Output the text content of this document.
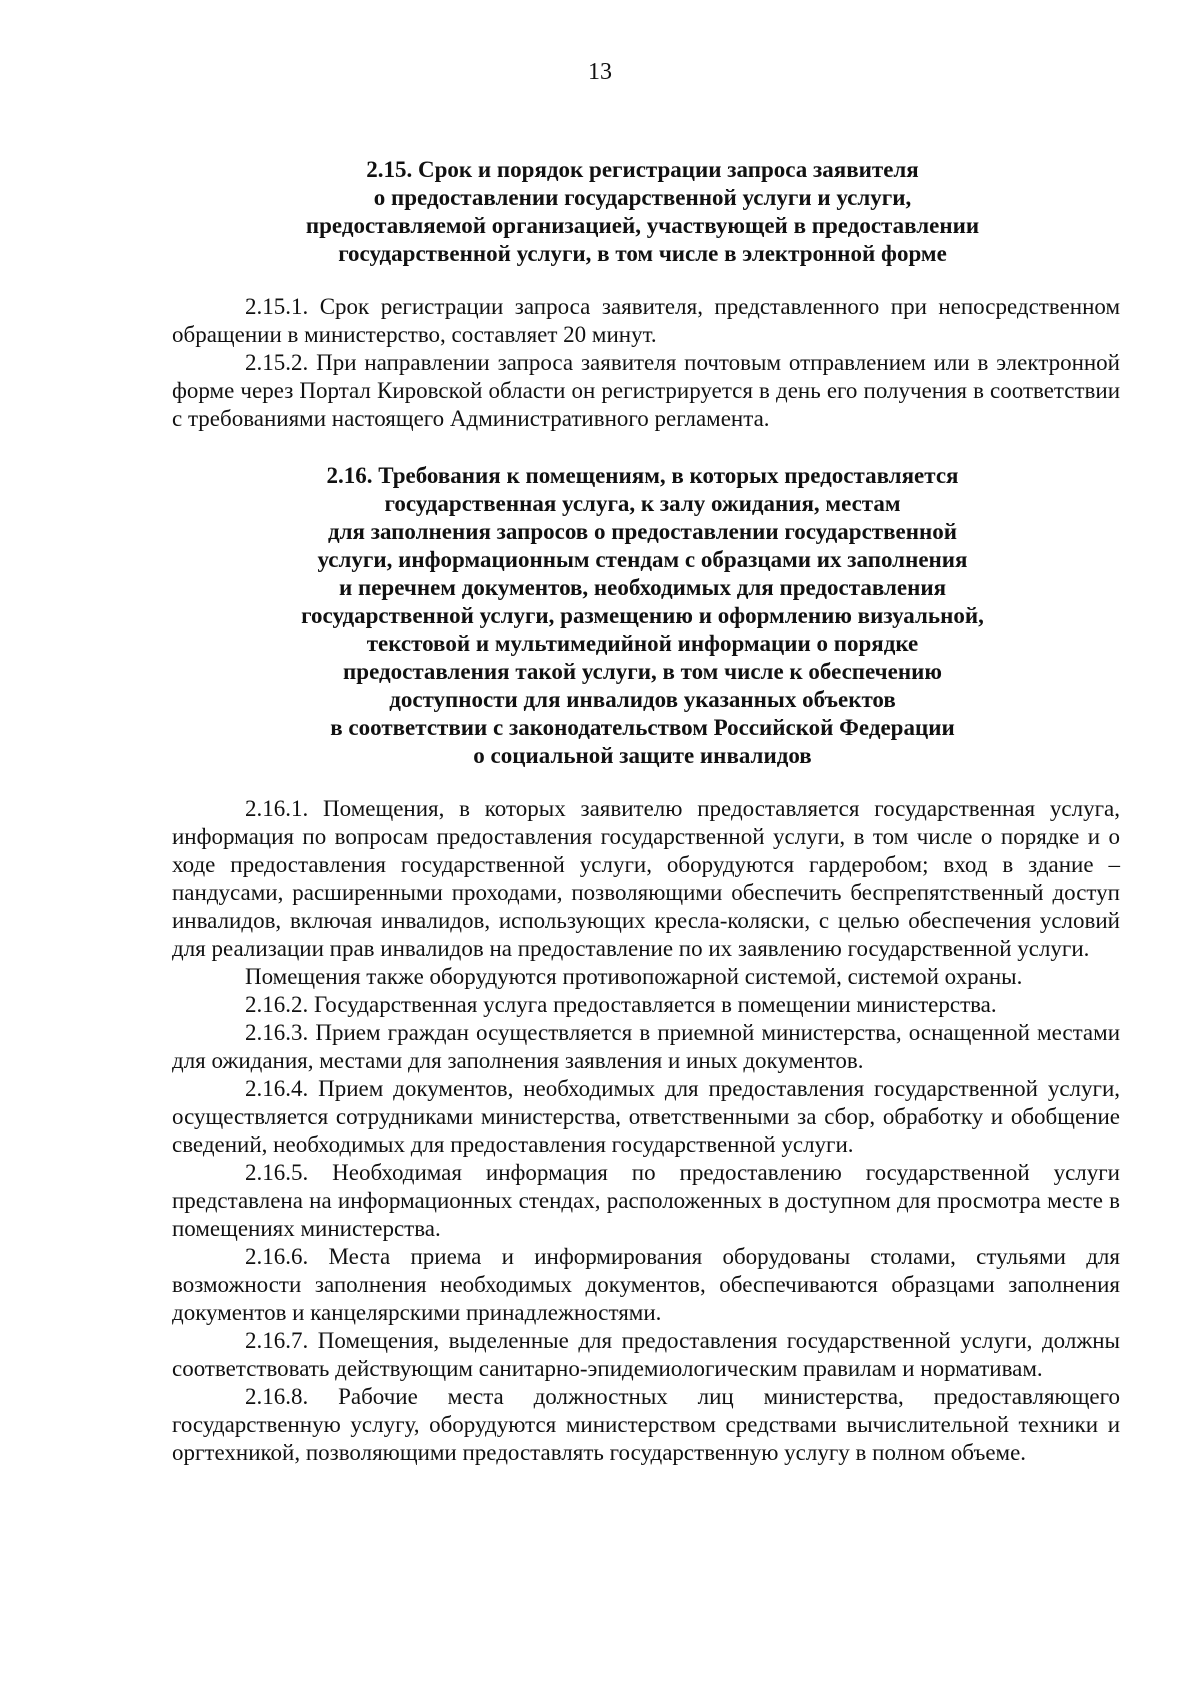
13
2.15. Срок и порядок регистрации запроса заявителя
о предоставлении государственной услуги и услуги,
предоставляемой организацией, участвующей в предоставлении
государственной услуги, в том числе в электронной форме

2.15.1. Срок регистрации запроса заявителя, представленного при непосредственном обращении в министерство, составляет 20 минут.

2.15.2. При направлении запроса заявителя почтовым отправлением или в электронной форме через Портал Кировской области он регистрируется в день его получения в соответствии с требованиями настоящего Административного регламента.

2.16. Требования к помещениям, в которых предоставляется
государственная услуга, к залу ожидания, местам
для заполнения запросов о предоставлении государственной
услуги, информационным стендам с образцами их заполнения
и перечнем документов, необходимых для предоставления
государственной услуги, размещению и оформлению визуальной,
текстовой и мультимедийной информации о порядке
предоставления такой услуги, в том числе к обеспечению
доступности для инвалидов указанных объектов
в соответствии с законодательством Российской Федерации
о социальной защите инвалидов

2.16.1. Помещения, в которых заявителю предоставляется государственная услуга, информация по вопросам предоставления государственной услуги, в том числе о порядке и о ходе предоставления государственной услуги, оборудуются гардеробом; вход в здание – пандусами, расширенными проходами, позволяющими обеспечить беспрепятственный доступ инвалидов, включая инвалидов, использующих кресла-коляски, с целью обеспечения условий для реализации прав инвалидов на предоставление по их заявлению государственной услуги.

Помещения также оборудуются противопожарной системой, системой охраны.

2.16.2. Государственная услуга предоставляется в помещении министерства.

2.16.3. Прием граждан осуществляется в приемной министерства, оснащенной местами для ожидания, местами для заполнения заявления и иных документов.

2.16.4. Прием документов, необходимых для предоставления государственной услуги, осуществляется сотрудниками министерства, ответственными за сбор, обработку и обобщение сведений, необходимых для предоставления государственной услуги.

2.16.5. Необходимая информация по предоставлению государственной услуги представлена на информационных стендах, расположенных в доступном для просмотра месте в помещениях министерства.

2.16.6. Места приема и информирования оборудованы столами, стульями для возможности заполнения необходимых документов, обеспечиваются образцами заполнения документов и канцелярскими принадлежностями.

2.16.7. Помещения, выделенные для предоставления государственной услуги, должны соответствовать действующим санитарно-эпидемиологическим правилам и нормативам.

2.16.8. Рабочие места должностных лиц министерства, предоставляющего государственную услугу, оборудуются министерством средствами вычислительной техники и оргтехникой, позволяющими предоставлять государственную услугу в полном объеме.
